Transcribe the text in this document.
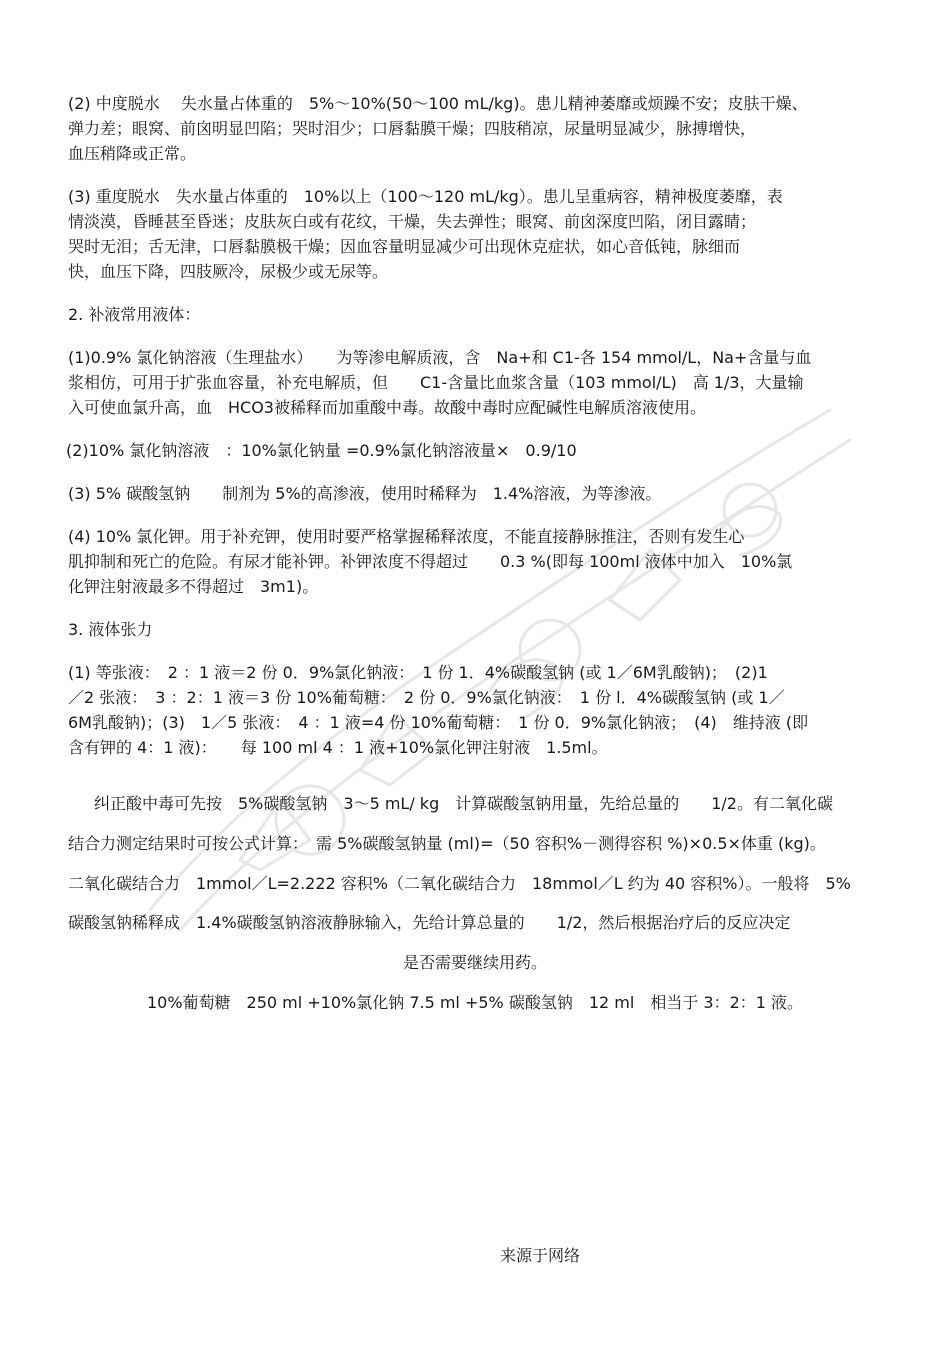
(2) 中度脱水 　失水量占体重的　5%～10%(50～100 mL/kg)。患儿精神萎靡或烦躁不安；皮肤干燥、
弹力差；眼窝、前囟明显凹陷；哭时泪少；口唇黏膜干燥；四肢稍凉，尿量明显减少，脉搏增快，
血压稍降或正常。
(3) 重度脱水　失水量占体重的　10%以上（100～120 mL/kg）。患儿呈重病容，精神极度萎靡，表
情淡漠，昏睡甚至昏迷；皮肤灰白或有花纹，干燥，失去弹性；眼窝、前囟深度凹陷，闭目露睛；
哭时无泪；舌无津，口唇黏膜极干燥；因血容量明显减少可出现休克症状，如心音低钝，脉细而
快，血压下降，四肢厥冷，尿极少或无尿等。
2. 补液常用液体：
(1)0.9% 氯化钠溶液（生理盐水）　　为等渗电解质液，含　Na+和 C1-各 154 mmol/L，Na+含量与血
浆相仿，可用于扩张血容量，补充电解质，但　　C1-含量比血浆含量（103 mmol/L)　高 1/3，大量输
入可使血氯升高，血　HCO3被稀释而加重酸中毒。故酸中毒时应配碱性电解质溶液使用。
(2)10% 氯化钠溶液　：10%氯化钠量 =0.9%氯化钠溶液量×　0.9/10
(3) 5% 碳酸氢钠　　制剂为 5%的高渗液，使用时稀释为　1.4%溶液，为等渗液。
(4) 10% 氯化钾。用于补充钾，使用时要严格掌握稀释浓度，不能直接静脉推注，否则有发生心
肌抑制和死亡的危险。有尿才能补钾。补钾浓度不得超过　　0.3 %(即每 100ml 液体中加入　10%氯
化钾注射液最多不得超过　3m1)。
3. 液体张力
(1) 等张液：　2 ：1 液＝2 份 0．9%氯化钠液：　1 份 1．4%碳酸氢钠 (或 1／6M乳酸钠)；　(2)1
／2 张液：　3 ：2：1 液＝3 份 10%葡萄糖：　2 份 0．9%氯化钠液：　1 份 l．4%碳酸氢钠 (或 1／
6M乳酸钠)；(3)　1／5 张液：　4 ：1 液=4 份 10%葡萄糖：　1 份 0．9%氯化钠液；　(4)　维持液 (即
含有钾的 4：1 液)：　　每 100 ml 4 ：1 液+10%氯化钾注射液　1.5ml。
纠正酸中毒可先按　5%碳酸氢钠　3～5 mL/ kg　计算碳酸氢钠用量，先给总量的　　1/2。有二氧化碳
结合力测定结果时可按公式计算：　需 5%碳酸氢钠量 (ml)=（50 容积%－测得容积 %)×0.5×体重 (kg)。
二氧化碳结合力　1mmol／L=2.222 容积%（二氧化碳结合力　18mmol／L 约为 40 容积%）。一般将　5%
碳酸氢钠稀释成　1.4%碳酸氢钠溶液静脉输入，先给计算总量的　　1/2，然后根据治疗后的反应决定
是否需要继续用药。
10%葡萄糖　250 ml +10%氯化钠 7.5 ml +5% 碳酸氢钠　12 ml　相当于 3：2：1 液。
来源于网络
